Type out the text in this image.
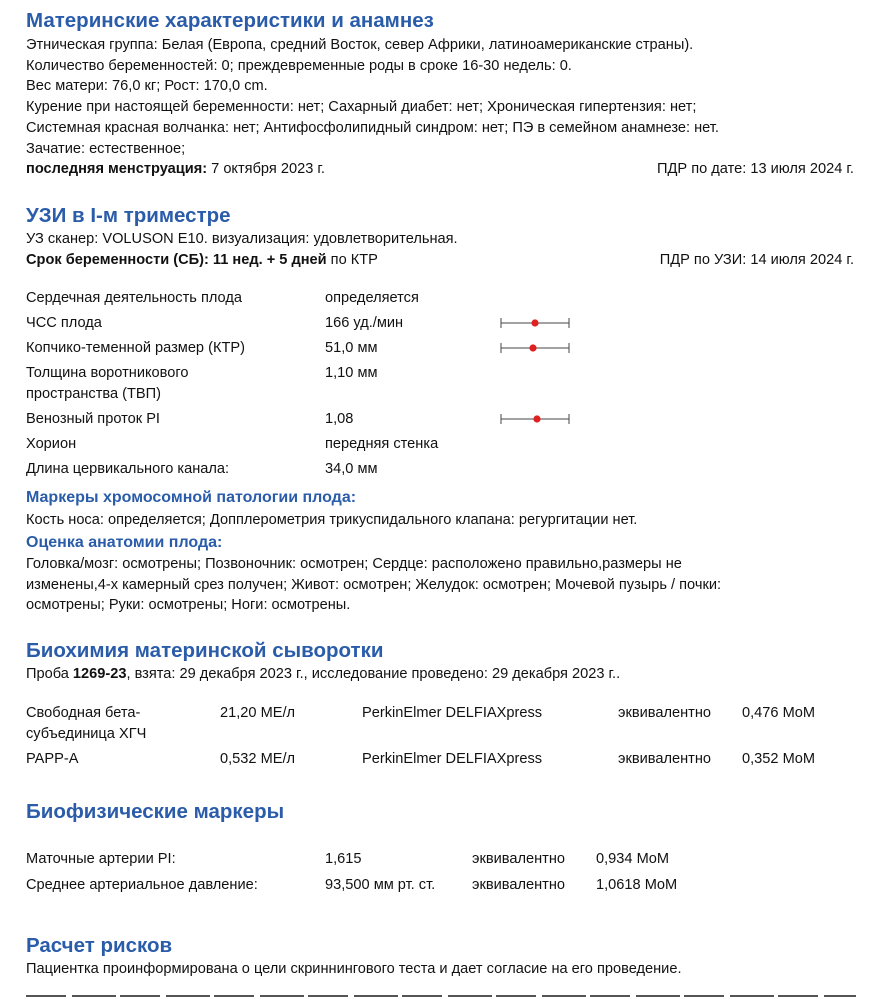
Материнские характеристики и анамнез
Этническая группа: Белая (Европа, средний Восток, север Африки, латиноамериканские страны).
Количество беременностей: 0; преждевременные роды в сроке 16-30 недель: 0.
Вес матери: 76,0 кг; Рост: 170,0 cm.
Курение при настоящей беременности: нет; Сахарный диабет: нет; Хроническая гипертензия: нет;
Системная красная волчанка: нет; Антифосфолипидный синдром: нет; ПЭ в семейном анамнезе: нет.
Зачатие: естественное;
последняя менструация: 7 октября 2023 г.	ПДР по дате: 13 июля 2024 г.
УЗИ в I-м триместре
УЗ сканер: VOLUSON E10. визуализация: удовлетворительная.
Срок беременности (СБ): 11 нед. + 5 дней по КТР	ПДР по УЗИ: 14 июля 2024 г.
Сердечная деятельность плода	определяется
ЧСС плода	166 уд./мин
Копчико-теменной размер (КТР)	51,0 мм
Толщина воротникового
пространства (ТВП)
1,10 мм
Венозный проток PI	1,08
Хорион	передняя стенка
Длина цервикального канала:	34,0 мм
Маркеры хромосомной патологии плода:
Кость носа: определяется; Допплерометрия трикуспидального клапана: регургитации нет.
Оценка анатомии плода:
Головка/мозг: осмотрены; Позвоночник: осмотрен; Сердце: расположено правильно,размеры не
изменены,4-х камерный срез получен; Живот: осмотрен; Желудок: осмотрен; Мочевой пузырь / почки:
осмотрены; Руки: осмотрены; Ноги: осмотрены.
Биохимия материнской сыворотки
Проба 1269-23, взята: 29 декабря 2023 г., исследование проведено: 29 декабря 2023 г..
Свободная бета-
субъединица ХГЧ
21,20 МЕ/л	PerkinElmer DELFIAXpress	эквивалентно 0,476 MoM
PAPP-A	0,532 МЕ/л	PerkinElmer DELFIAXpress	эквивалентно 0,352 MoM
Биофизические маркеры
Маточные артерии PI:	1,615	эквивалентно 0,934 MoM
Среднее артериальное давление:	93,500 мм рт. ст.	эквивалентно 1,0618 MoM
Расчет рисков
Пациентка проинформирована о цели скриннингового теста и дает согласие на его проведение.
